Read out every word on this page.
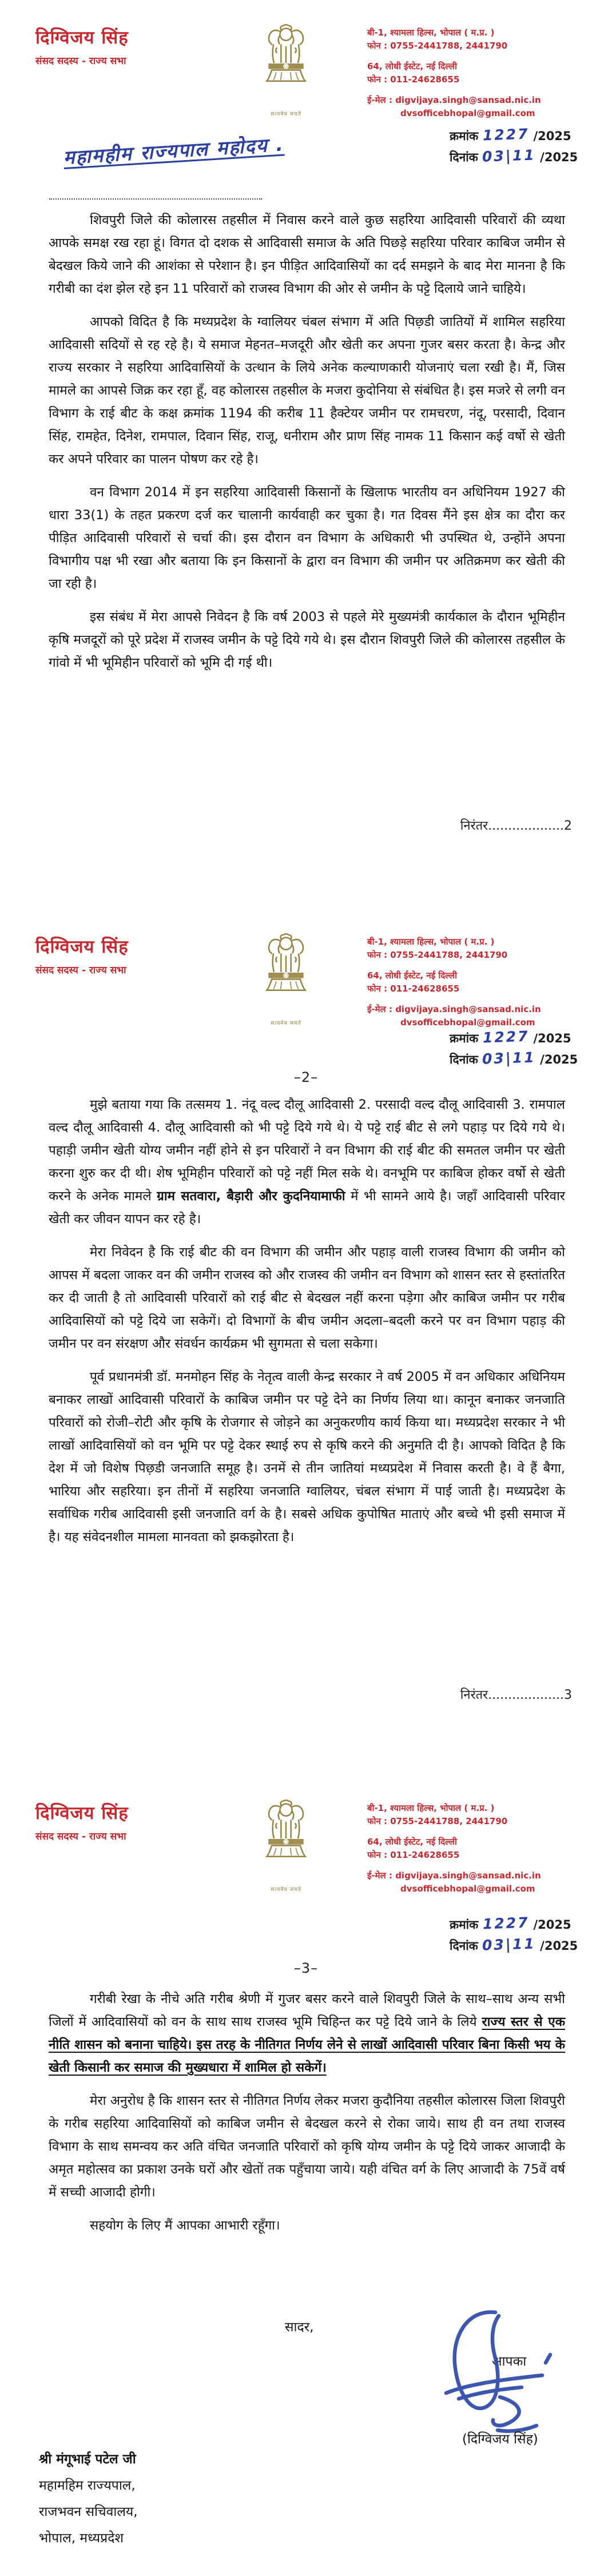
दिग्विजय सिंह
संसद सदस्य - राज्य सभा
सत्यमेव जयते
बी-1, श्यामला हिल्स, भोपाल ( म.प्र. )
फोन : 0755-2441788, 2441790
64, लोधी ईस्टेट, नई दिल्ली
फोन : 011-24628655
ई-मेल : digvijaya.singh@sansad.nic.in
dvsofficebhopal@gmail.com
क्रमांक 1227 /2025
दिनांक 03|11 /2025
महामहीम राज्यपाल महोदय .

शिवपुरी जिले की कोलारस तहसील में निवास करने वाले कुछ सहरिया आदिवासी परिवारों की व्यथा आपके समक्ष रख रहा हूं। विगत दो दशक से आदिवासी समाज के अति पिछड़े सहरिया परिवार काबिज जमीन से बेदखल किये जाने की आशंका से परेशान है। इन पीड़ित आदिवासियों का दर्द समझने के बाद मेरा मानना है कि गरीबी का दंश झेल रहे इन 11 परिवारों को राजस्व विभाग की ओर से जमीन के पट्टे दिलाये जाने चाहिये।

आपको विदित है कि मध्यप्रदेश के ग्वालियर चंबल संभाग में अति पिछ़डी जातियों में शामिल सहरिया आदिवासी सदियों से रह रहे है। ये समाज मेहनत–मजदूरी और खेती कर अपना गुजर बसर करता है। केन्द्र और राज्य सरकार ने सहरिया आदिवासियों के उत्थान के लिये अनेक कल्याणकारी योजनाएं चला रखी है। मैं, जिस मामले का आपसे जिक्र कर रहा हूँ, वह कोलारस तहसील के मजरा कुदोनिया से संबंधित है। इस मजरे से लगी वन विभाग के राई बीट के कक्ष क्रमांक 1194 की करीब 11 हैक्टेयर जमीन पर रामचरण, नंदू, परसादी, दिवान सिंह, रामहेत, दिनेश, रामपाल, दिवान सिंह, राजू, धनीराम और प्राण सिंह नामक 11 किसान कई वर्षो से खेती कर अपने परिवार का पालन पोषण कर रहे है।

वन विभाग 2014 में इन सहरिया आदिवासी किसानों के खिलाफ भारतीय वन अधिनियम 1927 की धारा 33(1) के तहत प्रकरण दर्ज कर चालानी कार्यवाही कर चुका है। गत दिवस मैंने इस क्षेत्र का दौरा कर पीड़ित आदिवासी परिवारों से चर्चा की। इस दौरान वन विभाग के अधिकारी भी उपस्थित थे, उन्होंने अपना विभागीय पक्ष भी रखा और बताया कि इन किसानों के द्वारा वन विभाग की जमीन पर अतिक्रमण कर खेती की जा रही है।

इस संबंध में मेरा आपसे निवेदन है कि वर्ष 2003 से पहले मेरे मुख्यमंत्री कार्यकाल के दौरान भूमिहीन कृषि मजदूरों को पूरे प्रदेश में राजस्व जमीन के पट्टे दिये गये थे। इस दौरान शिवपुरी जिले की कोलारस तहसील के गांवो में भी भूमिहीन परिवारों को भूमि दी गई थी।

निरंतर...................2
दिग्विजय सिंह
संसद सदस्य - राज्य सभा
सत्यमेव जयते
बी-1, श्यामला हिल्स, भोपाल ( म.प्र. )
फोन : 0755-2441788, 2441790
64, लोधी ईस्टेट, नई दिल्ली
फोन : 011-24628655
ई-मेल : digvijaya.singh@sansad.nic.in
dvsofficebhopal@gmail.com
क्रमांक 1227 /2025
दिनांक 03|11 /2025
–2–

मुझे बताया गया कि तत्समय 1. नंदू वल्द दौलू आदिवासी 2. परसादी वल्द दौलू आदिवासी 3. रामपाल वल्द दौलू आदिवासी 4. दौलू आदिवासी को भी पट्टे दिये गये थे। ये पट्टे राई बीट से लगे पहाड़ पर दिये गये थे। पहाड़ी जमीन खेती योग्य जमीन नहीं होने से इन परिवारों ने वन विभाग की राई बीट की समतल जमीन पर खेती करना शुरु कर दी थी। शेष भूमिहीन परिवारों को पट्टे नहीं मिल सके थे। वनभूमि पर काबिज होकर वर्षो से खेती करने के अनेक मामले ग्राम सतवारा, बैड़ारी और कुदनियामाफी में भी सामने आये है। जहाँ आदिवासी परिवार खेती कर जीवन यापन कर रहे है।

मेरा निवेदन है कि राई बीट की वन विभाग की जमीन और पहाड़ वाली राजस्व विभाग की जमीन को आपस में बदला जाकर वन की जमीन राजस्व को और राजस्व की जमीन वन विभाग को शासन स्तर से हस्तांतरित कर दी जाती है तो आदिवासी परिवारों को राई बीट से बेदखल नहीं करना पड़ेगा और काबिज जमीन पर गरीब आदिवासियों को पट्टे दिये जा सकेगें। दो विभागों के बीच जमीन अदला–बदली करने पर वन विभाग पहाड़ की जमीन पर वन संरक्षण और संवर्धन कार्यक्रम भी सुगमता से चला सकेगा।

पूर्व प्रधानमंत्री डॉ. मनमोहन सिंह के नेतृत्व वाली केन्द्र सरकार ने वर्ष 2005 में वन अधिकार अधिनियम बनाकर लाखों आदिवासी परिवारों के काबिज जमीन पर पट्टे देने का निर्णय लिया था। कानून बनाकर जनजाति परिवारों को रोजी–रोटी और कृषि के रोजगार से जोड़ने का अनुकरणीय कार्य किया था। मध्यप्रदेश सरकार ने भी लाखों आदिवासियों को वन भूमि पर पट्टे देकर स्थाई रुप से कृषि करने की अनुमति दी है। आपको विदित है कि देश में जो विशेष पिछ़डी जनजाति समूह है। उनमें से तीन जातियां मध्यप्रदेश में निवास करती है। वे हैं बैगा, भारिया और सहरिया। इन तीनों में सहरिया जनजाति ग्वालियर, चंबल संभाग में पाई जाती है। मध्यप्रदेश के सर्वाधिक गरीब आदिवासी इसी जनजाति वर्ग के है। सबसे अधिक कुपोषित माताएं और बच्चे भी इसी समाज में है। यह संवेदनशील मामला मानवता को झकझोरता है।

निरंतर...................3
दिग्विजय सिंह
संसद सदस्य - राज्य सभा
सत्यमेव जयते
बी-1, श्यामला हिल्स, भोपाल ( म.प्र. )
फोन : 0755-2441788, 2441790
64, लोधी ईस्टेट, नई दिल्ली
फोन : 011-24628655
ई-मेल : digvijaya.singh@sansad.nic.in
dvsofficebhopal@gmail.com
क्रमांक 1227 /2025
दिनांक 03|11 /2025
–3–

गरीबी रेखा के नीचे अति गरीब श्रेणी में गुजर बसर करने वाले शिवपुरी जिले के साथ–साथ अन्य सभी जिलों में आदिवासियों को वन के साथ साथ राजस्व भूमि चिहिन्त कर पट्टे दिये जाने के लिये राज्य स्तर से एक नीति शासन को बनाना चाहिये। इस तरह के नीतिगत निर्णय लेने से लाखों आदिवासी परिवार बिना किसी भय के खेती किसानी कर समाज की मुख्यधारा में शामिल हो सकेगें।

मेरा अनुरोध है कि शासन स्तर से नीतिगत निर्णय लेकर मजरा कुदौनिया तहसील कोलारस जिला शिवपुरी के गरीब सहरिया आदिवासियों को काबिज जमीन से बेदखल करने से रोका जाये। साथ ही वन तथा राजस्व विभाग के साथ समन्वय कर अति वंचित जनजाति परिवारों को कृषि योग्य जमीन के पट्टे दिये जाकर आजादी के अमृत महोत्सव का प्रकाश उनके घरों और खेतों तक पहुँचाया जाये। यही वंचित वर्ग के लिए आजादी के 75वें वर्ष में सच्ची आजादी होगी।

सहयोग के लिए मैं आपका आभारी रहूँगा।

सादर,
आपका
(दिग्विजय सिंह)
श्री मंगूभाई पटेल जी
महामहिम राज्यपाल,
राजभवन सचिवालय,
भोपाल, मध्यप्रदेश
